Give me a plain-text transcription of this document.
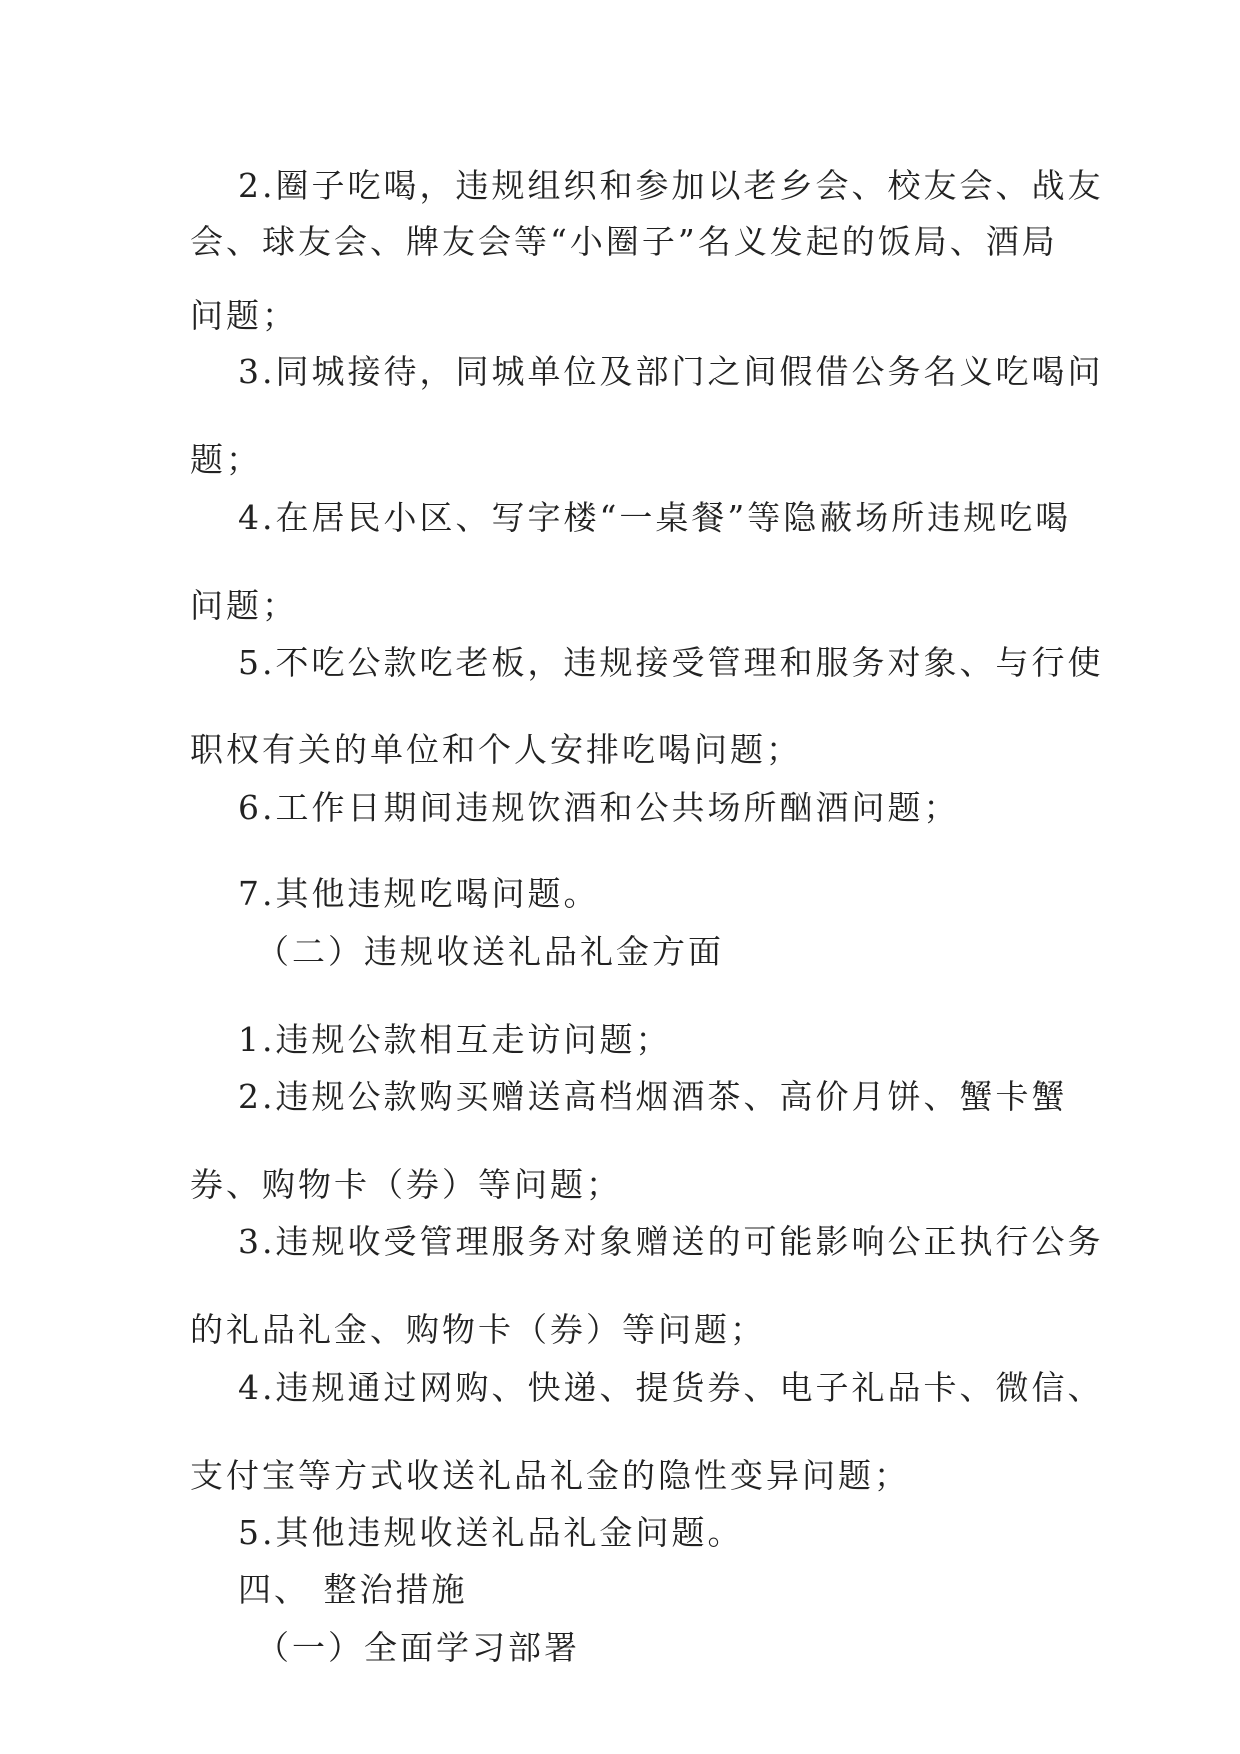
2.圈子吃喝，违规组织和参加以老乡会、校友会、战友
会、球友会、牌友会等“小圈子”名义发起的饭局、酒局
问题；
3.同城接待，同城单位及部门之间假借公务名义吃喝问
题；
4.在居民小区、写字楼“一桌餐”等隐蔽场所违规吃喝
问题；
5.不吃公款吃老板，违规接受管理和服务对象、与行使
职权有关的单位和个人安排吃喝问题；
6.工作日期间违规饮酒和公共场所酗酒问题；
7.其他违规吃喝问题。
（二）违规收送礼品礼金方面
1.违规公款相互走访问题；
2.违规公款购买赠送高档烟酒茶、高价月饼、蟹卡蟹
券、购物卡（券）等问题；
3.违规收受管理服务对象赠送的可能影响公正执行公务
的礼品礼金、购物卡（券）等问题；
4.违规通过网购、快递、提货券、电子礼品卡、微信、
支付宝等方式收送礼品礼金的隐性变异问题；
5.其他违规收送礼品礼金问题。
四、 整治措施
（一）全面学习部署
